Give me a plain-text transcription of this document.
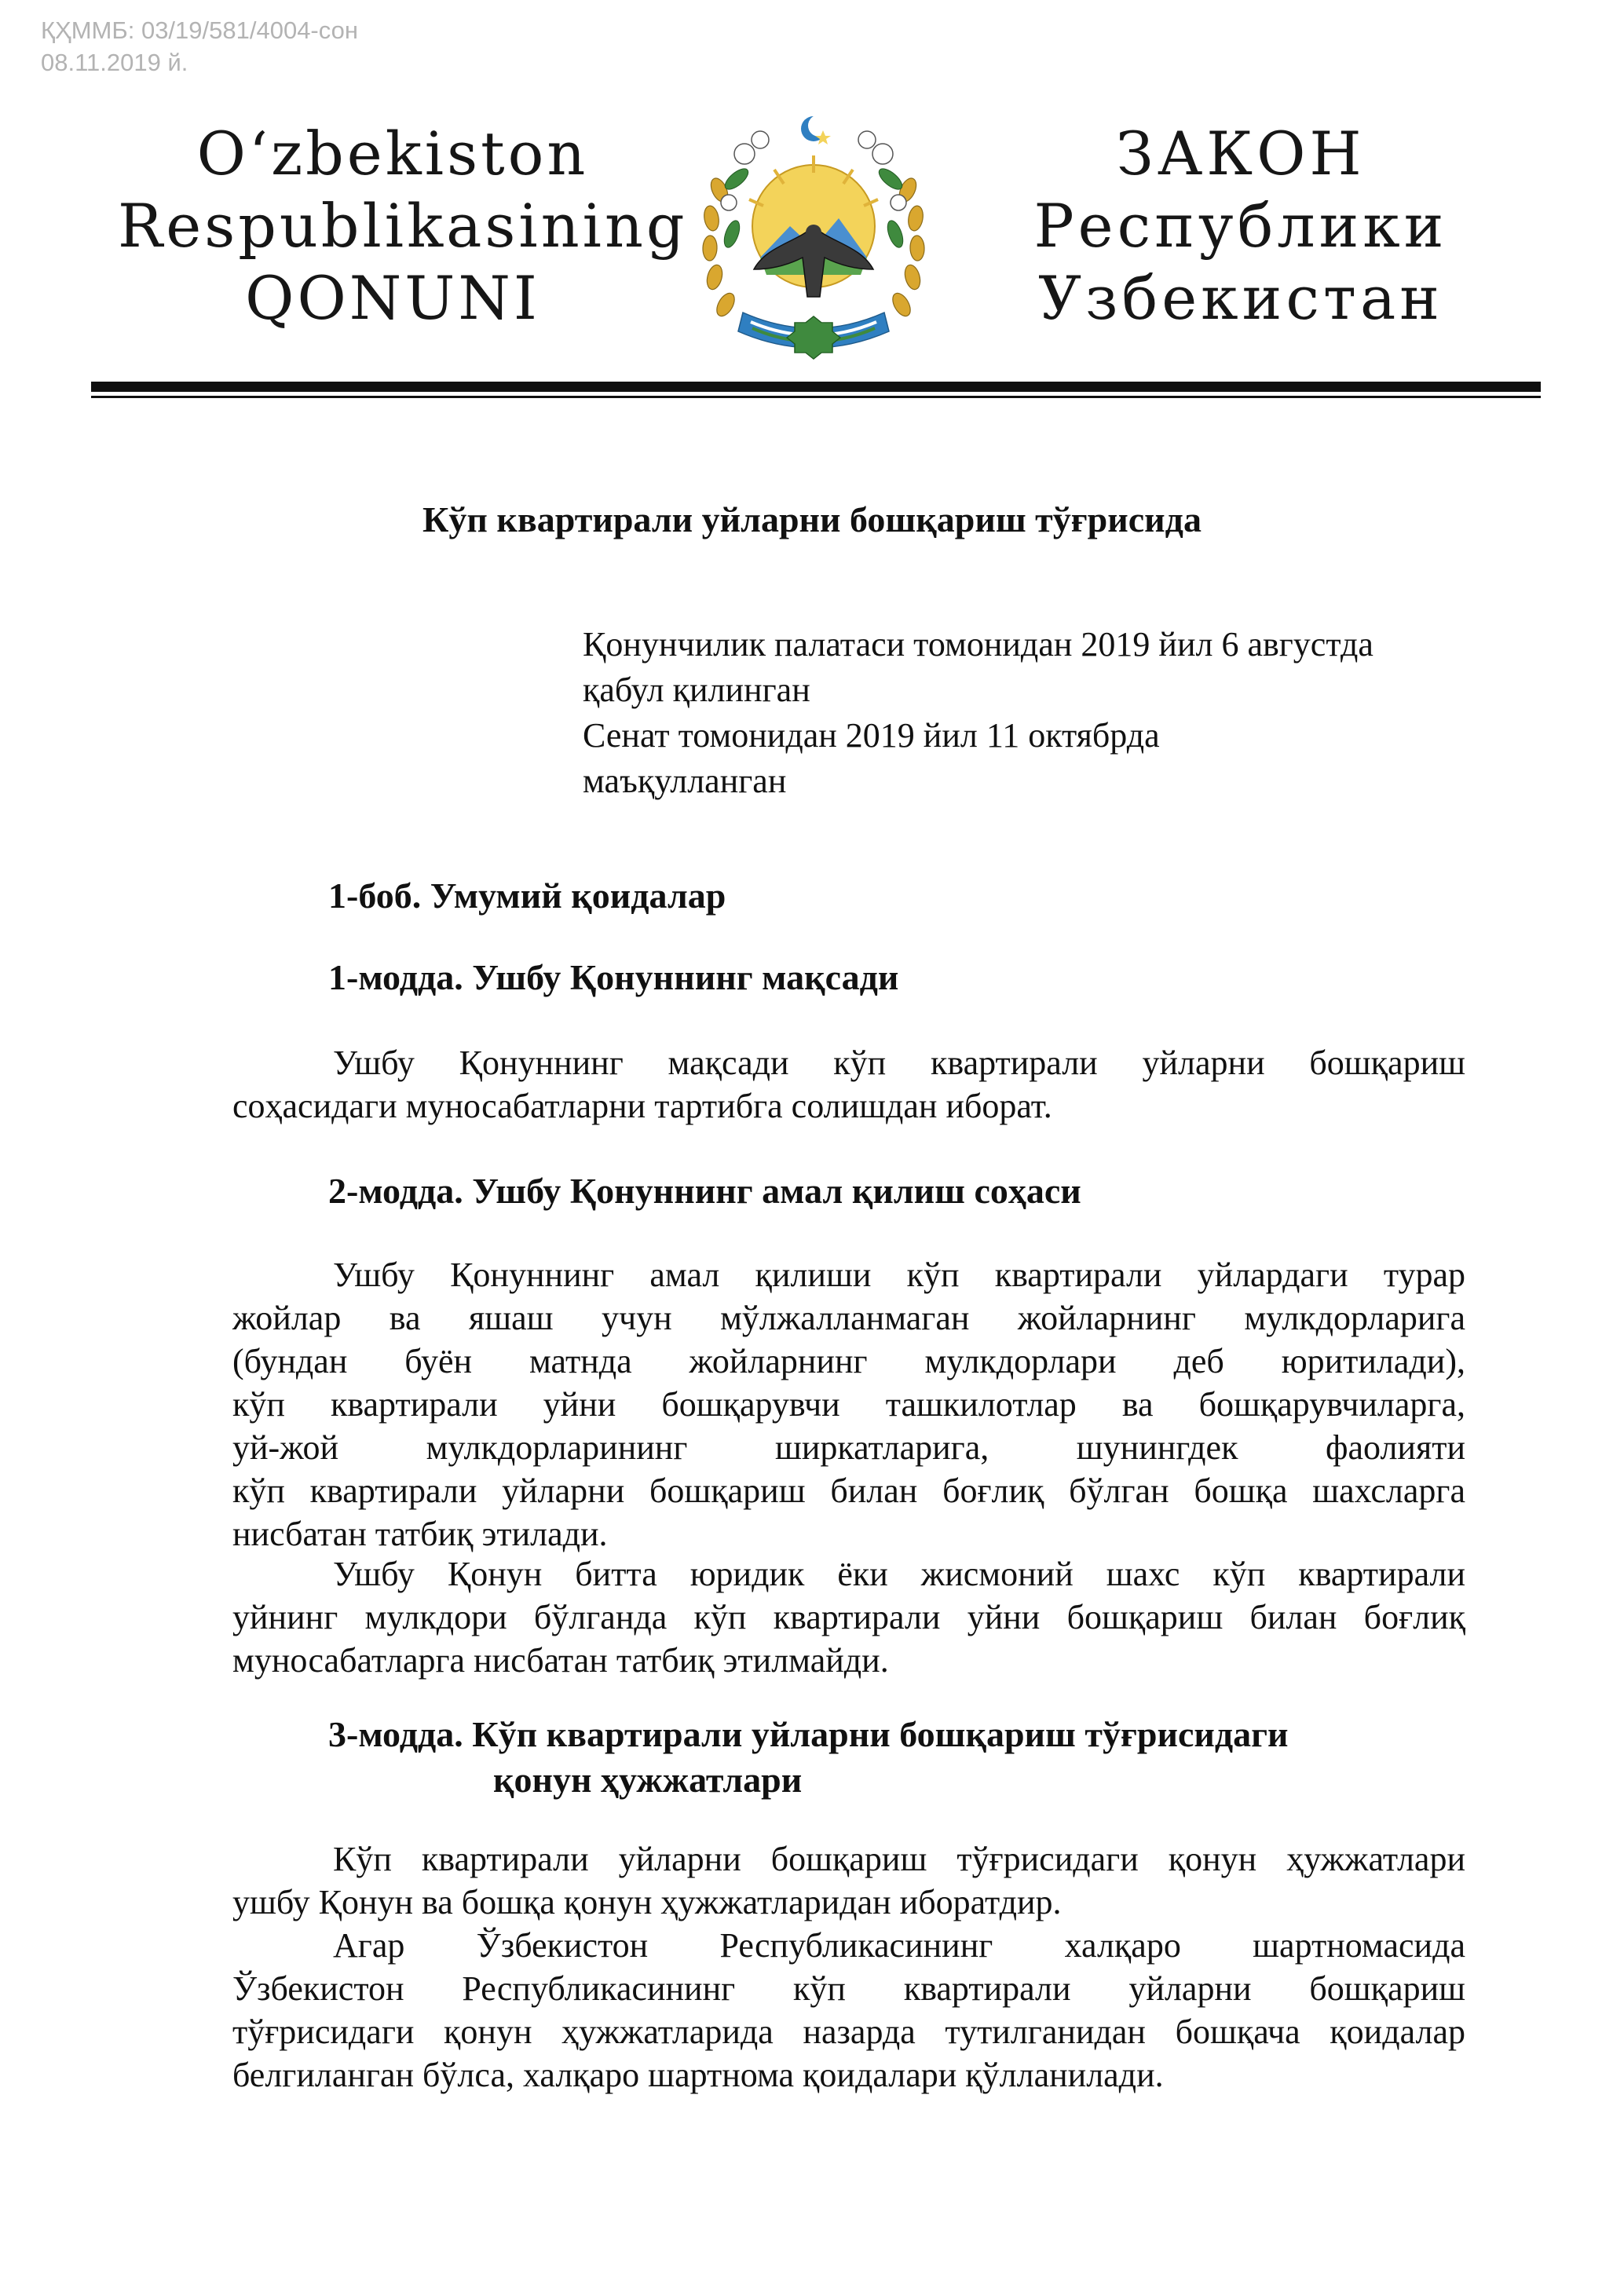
ҚҲММБ: 03/19/581/4004-сон
08.11.2019 й.
O‘zbekiston
Respublikasining
QONUNI
ЗАКОН
Республики
Узбекистан
Кўп квартирали уйларни бошқариш тўғрисида
Қонунчилик палатаси томонидан 2019 йил 6 августда
қабул қилинган
Сенат томонидан 2019 йил 11 октябрда
маъқулланган
1-боб. Умумий қоидалар
1-модда. Ушбу Қонуннинг мақсади
Ушбу Қонуннинг мақсади кўп квартирали уйларни бошқариш
соҳасидаги муносабатларни тартибга солишдан иборат.
2-модда. Ушбу Қонуннинг амал қилиш соҳаси
Ушбу Қонуннинг амал қилиши кўп квартирали уйлардаги турар
жойлар ва яшаш учун мўлжалланмаган жойларнинг мулкдорларига
(бундан буён матнда жойларнинг мулкдорлари деб юритилади),
кўп квартирали уйни бошқарувчи ташкилотлар ва бошқарувчиларга,
уй-жой мулкдорларининг ширкатларига, шунингдек фаолияти
кўп квартирали уйларни бошқариш билан боғлиқ бўлган бошқа шахсларга
нисбатан татбиқ этилади.
Ушбу Қонун битта юридик ёки жисмоний шахс кўп квартирали
уйнинг мулкдори бўлганда кўп квартирали уйни бошқариш билан боғлиқ
муносабатларга нисбатан татбиқ этилмайди.
3-модда. Кўп квартирали уйларни бошқариш тўғрисидаги
қонун ҳужжатлари
Кўп квартирали уйларни бошқариш тўғрисидаги қонун ҳужжатлари
ушбу Қонун ва бошқа қонун ҳужжатларидан иборатдир.
Агар Ўзбекистон Республикасининг халқаро шартномасида
Ўзбекистон Республикасининг кўп квартирали уйларни бошқариш
тўғрисидаги қонун ҳужжатларида назарда тутилганидан бошқача қоидалар
белгиланган бўлса, халқаро шартнома қоидалари қўлланилади.
